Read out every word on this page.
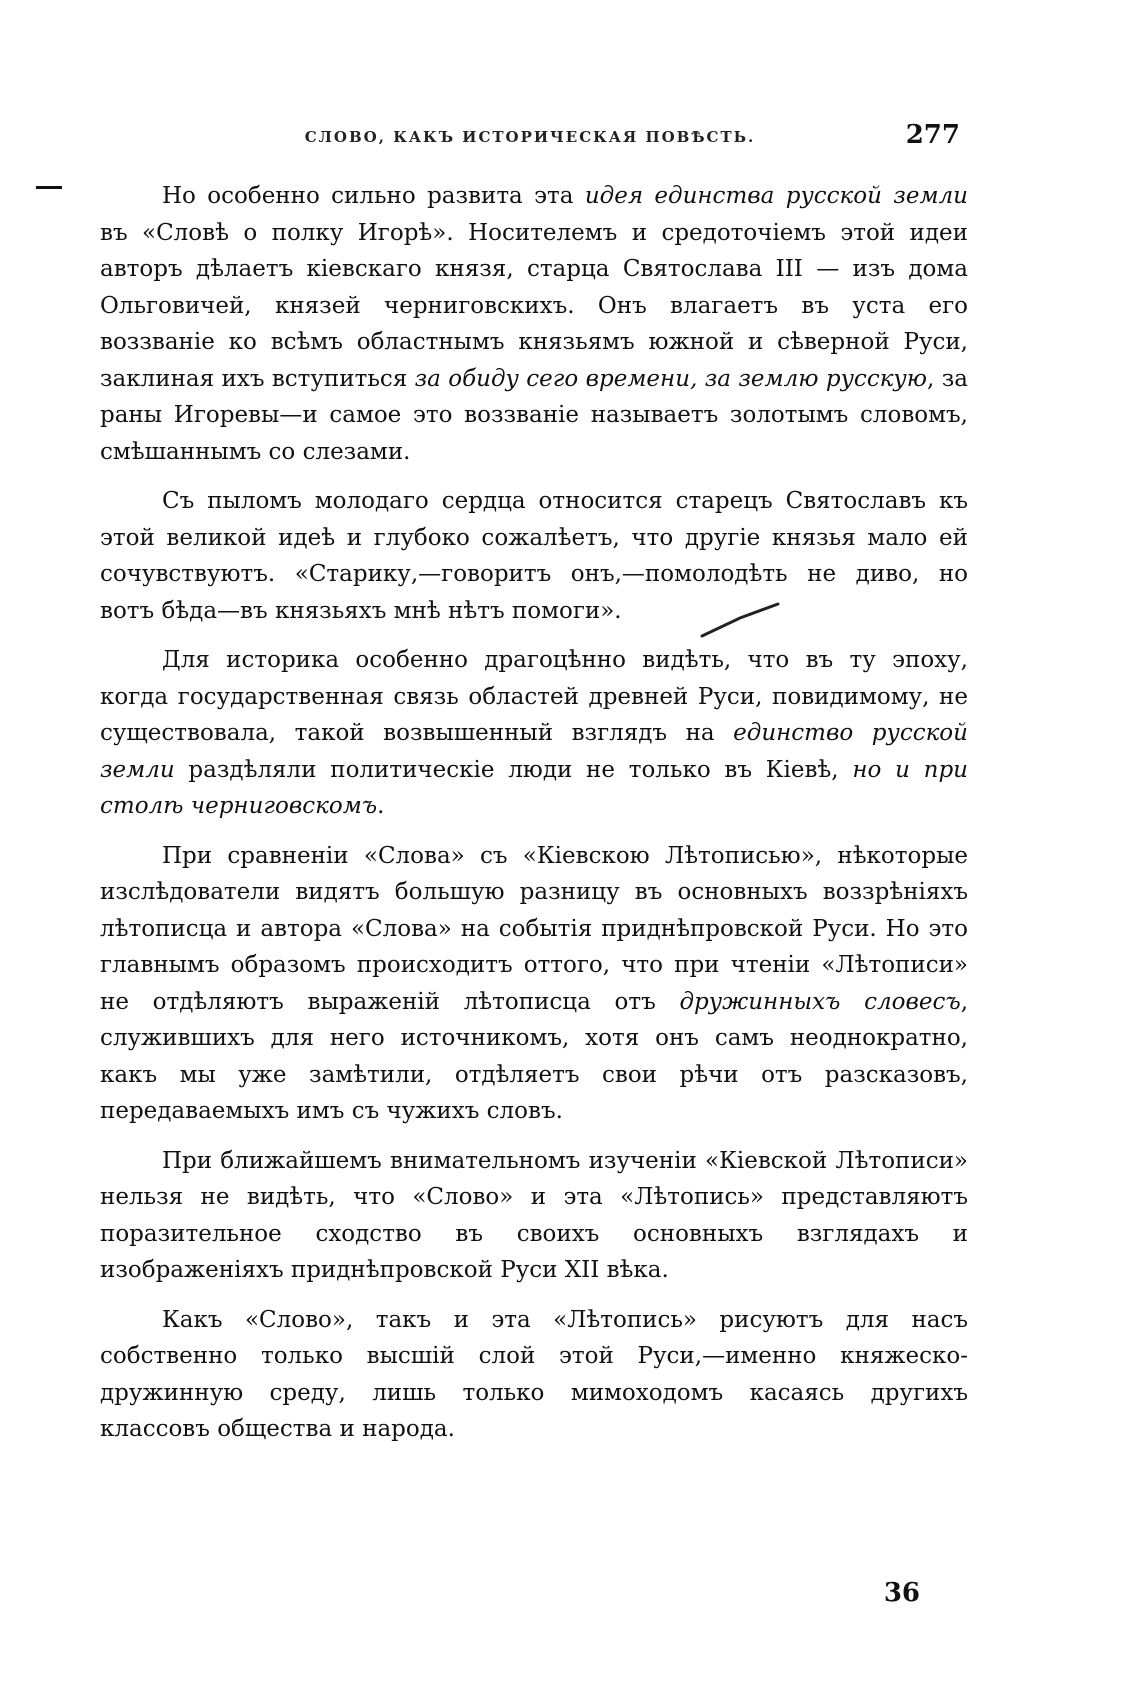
СЛОВО, КАКЪ ИСТОРИЧЕСКАЯ ПОВѢСТЬ.	277

Но особенно сильно развита эта идея единства русской земли въ «Словѣ о полку Игорѣ». Носителемъ и средоточіемъ этой идеи авторъ дѣлаетъ кіевскаго князя, старца Святослава III — изъ дома Ольговичей, князей черниговскихъ. Онъ влагаетъ въ уста его воззваніе ко всѣмъ областнымъ князьямъ южной и сѣверной Руси, заклиная ихъ вступиться за обиду сего времени, за землю русскую, за раны Игоревы—и самое это воззваніе называетъ золотымъ словомъ, смѣшаннымъ со слезами.

Съ пыломъ молодаго сердца относится старецъ Святославъ къ этой великой идеѣ и глубоко сожалѣетъ, что другіе князья мало ей сочувствуютъ. «Старику,—говоритъ онъ,—помолодѣть не диво, но вотъ бѣда—въ князьяхъ мнѣ нѣтъ помоги».

Для историка особенно драгоцѣнно видѣть, что въ ту эпоху, когда государственная связь областей древней Руси, повидимому, не существовала, такой возвышенный взглядъ на единство русской земли раздѣляли политическіе люди не только въ Кіевѣ, но и при столѣ черниговскомъ.

При сравненіи «Слова» съ «Кіевскою Лѣтописью», нѣкоторые изслѣдователи видятъ большую разницу въ основныхъ воззрѣніяхъ лѣтописца и автора «Слова» на событія приднѣпровской Руси. Но это главнымъ образомъ происходитъ оттого, что при чтеніи «Лѣтописи» не отдѣляютъ выраженій лѣтописца отъ дружинныхъ словесъ, служившихъ для него источникомъ, хотя онъ самъ неоднократно, какъ мы уже замѣтили, отдѣляетъ свои рѣчи отъ разсказовъ, передаваемыхъ имъ съ чужихъ словъ.

При ближайшемъ внимательномъ изученіи «Кіевской Лѣтописи» нельзя не видѣть, что «Слово» и эта «Лѣтопись» представляютъ поразительное сходство въ своихъ основныхъ взглядахъ и изображеніяхъ приднѣпровской Руси XII вѣка.

Какъ «Слово», такъ и эта «Лѣтопись» рисуютъ для насъ собственно только высшій слой этой Руси,—именно княжеско-дружинную среду, лишь только мимоходомъ касаясь другихъ классовъ общества и народа.

36
